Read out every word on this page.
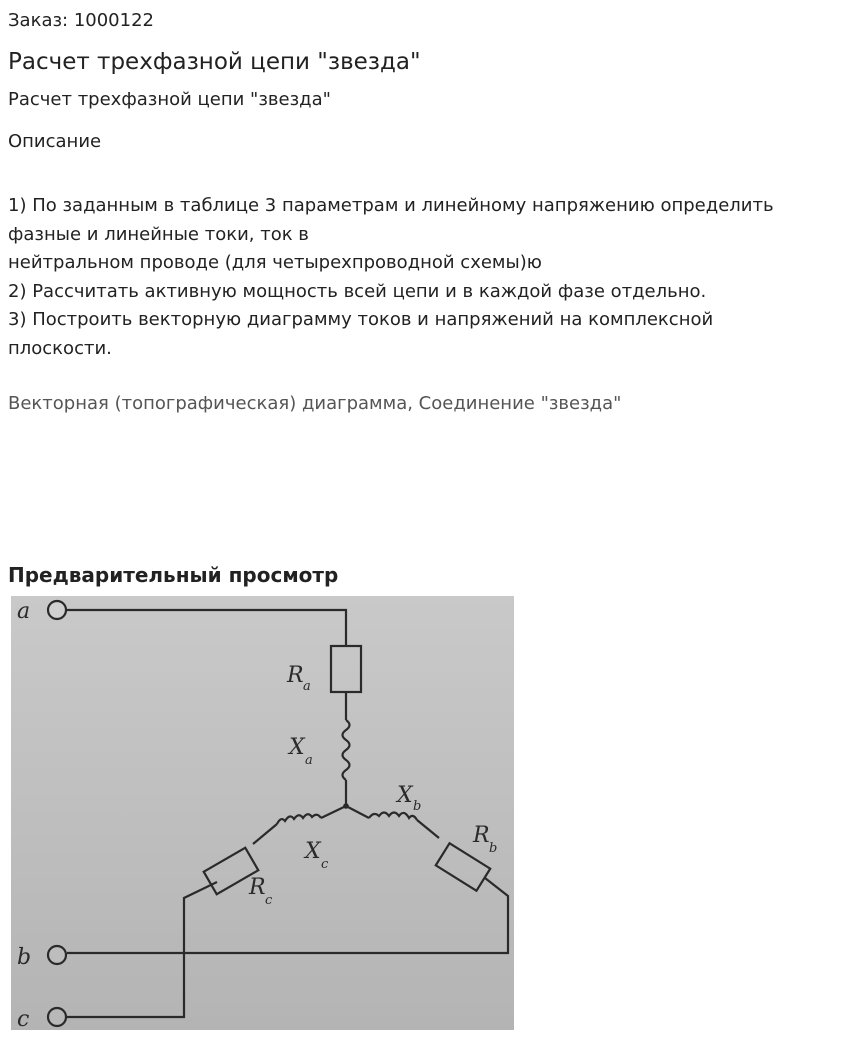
Заказ: 1000122
Расчет трехфазной цепи "звезда"
Расчет трехфазной цепи "звезда"
Описание
1) По заданным в таблице 3 параметрам и линейному напряжению определить
фазные и линейные токи, ток в
нейтральном проводе (для четырехпроводной схемы)ю
2) Рассчитать активную мощность всей цепи и в каждой фазе отдельно.
3) Построить векторную диаграмму токов и напряжений на комплексной
плоскости.
Векторная (топографическая) диаграмма, Соединение "звезда"
Предварительный просмотр
a
b
c
R a
X
a
X b
R
b
X
c
R
c
